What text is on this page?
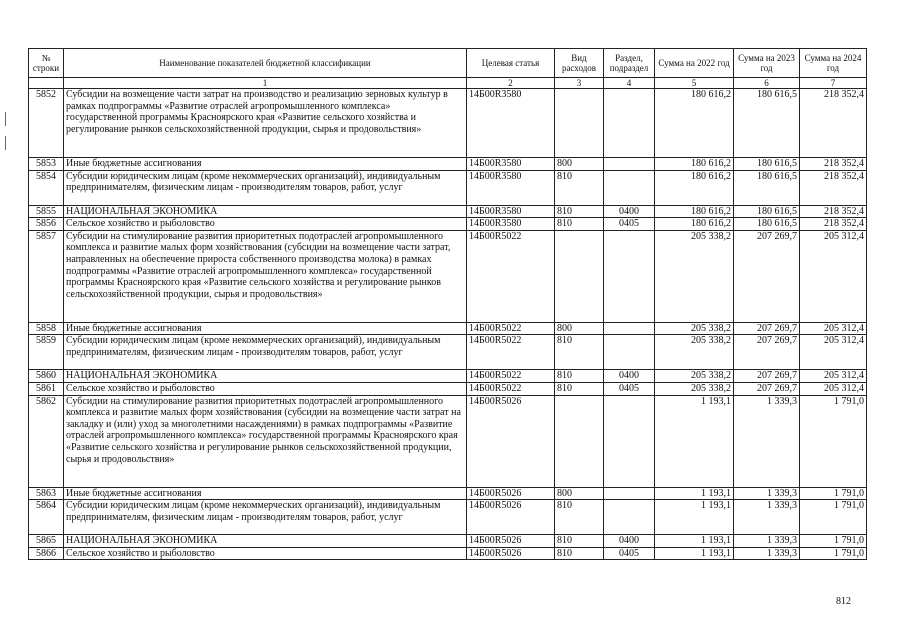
№ строки	Наименование показателей бюджетной классификации	Целевая статья	Вид расходов	Раздел, подраздел	Сумма на 2022 год	Сумма на 2023 год	Сумма на 2024 год
	1	2	3	4	5	6	7
5852	Субсидии на возмещение части затрат на производство и реализацию зерновых культур в рамках подпрограммы «Развитие отраслей агропромышленного комплекса» государственной программы Красноярского края «Развитие сельского хозяйства и регулирование рынков сельскохозяйственной продукции, сырья и продовольствия»	14Б00R3580			180 616,2	180 616,5	218 352,4
5853	Иные бюджетные ассигнования	14Б00R3580	800		180 616,2	180 616,5	218 352,4
5854	Субсидии юридическим лицам (кроме некоммерческих организаций), индивидуальным предпринимателям, физическим лицам - производителям товаров, работ, услуг	14Б00R3580	810		180 616,2	180 616,5	218 352,4
5855	НАЦИОНАЛЬНАЯ ЭКОНОМИКА	14Б00R3580	810	0400	180 616,2	180 616,5	218 352,4
5856	Сельское хозяйство и рыболовство	14Б00R3580	810	0405	180 616,2	180 616,5	218 352,4
5857	Субсидии на стимулирование развития приоритетных подотраслей агропромышленного комплекса и развитие малых форм хозяйствования (субсидии на возмещение части затрат, направленных на обеспечение прироста собственного производства молока) в рамках подпрограммы «Развитие отраслей агропромышленного комплекса» государственной программы Красноярского края «Развитие сельского хозяйства и регулирование рынков сельскохозяйственной продукции, сырья и продовольствия»	14Б00R5022			205 338,2	207 269,7	205 312,4
5858	Иные бюджетные ассигнования	14Б00R5022	800		205 338,2	207 269,7	205 312,4
5859	Субсидии юридическим лицам (кроме некоммерческих организаций), индивидуальным предпринимателям, физическим лицам - производителям товаров, работ, услуг	14Б00R5022	810		205 338,2	207 269,7	205 312,4
5860	НАЦИОНАЛЬНАЯ ЭКОНОМИКА	14Б00R5022	810	0400	205 338,2	207 269,7	205 312,4
5861	Сельское хозяйство и рыболовство	14Б00R5022	810	0405	205 338,2	207 269,7	205 312,4
5862	Субсидии на стимулирование развития приоритетных подотраслей агропромышленного комплекса и развитие малых форм хозяйствования (субсидии на возмещение части затрат на закладку и (или) уход за многолетними насаждениями) в рамках подпрограммы «Развитие отраслей агропромышленного комплекса» государственной программы Красноярского края «Развитие сельского хозяйства и регулирование рынков сельскохозяйственной продукции, сырья и продовольствия»	14Б00R5026			1 193,1	1 339,3	1 791,0
5863	Иные бюджетные ассигнования	14Б00R5026	800		1 193,1	1 339,3	1 791,0
5864	Субсидии юридическим лицам (кроме некоммерческих организаций), индивидуальным предпринимателям, физическим лицам - производителям товаров, работ, услуг	14Б00R5026	810		1 193,1	1 339,3	1 791,0
5865	НАЦИОНАЛЬНАЯ ЭКОНОМИКА	14Б00R5026	810	0400	1 193,1	1 339,3	1 791,0
5866	Сельское хозяйство и рыболовство	14Б00R5026	810	0405	1 193,1	1 339,3	1 791,0
812
